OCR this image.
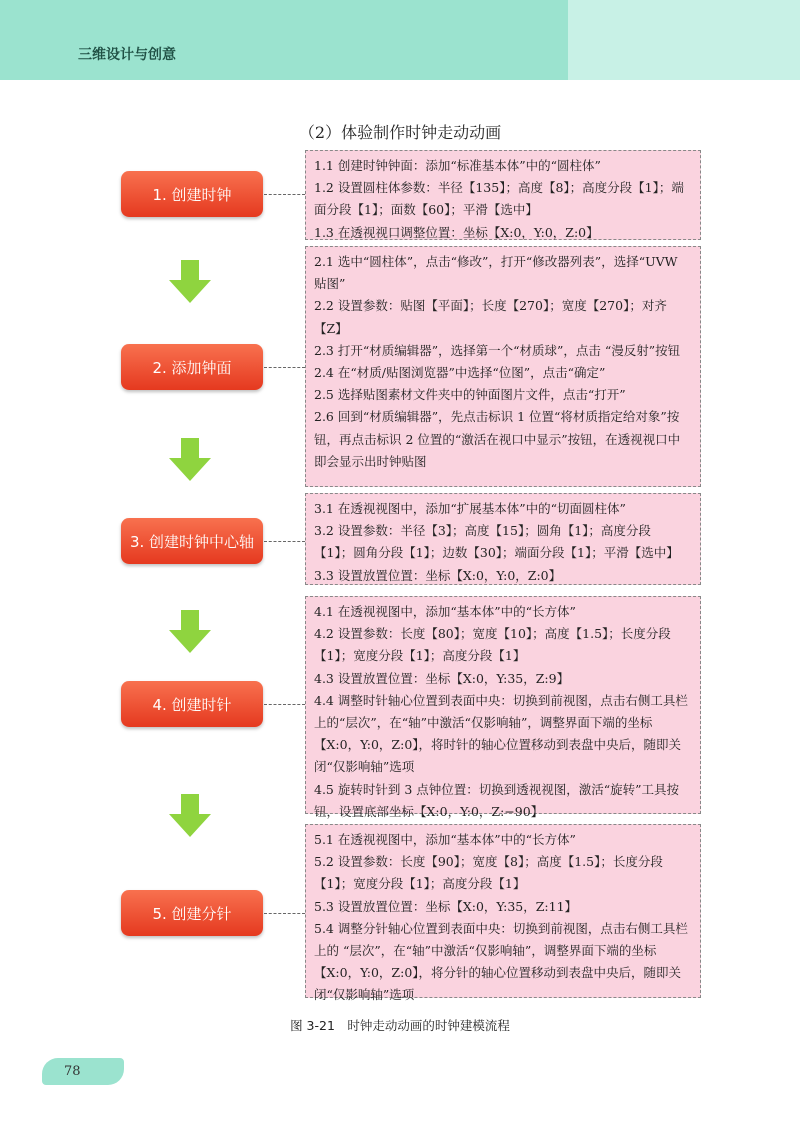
三维设计与创意
（2）体验制作时钟走动动画
1. 创建时钟

1.1 创建时钟钟面：添加“标准基本体”中的“圆柱体”

1.2 设置圆柱体参数：半径【135】；高度【8】；高度分段【1】；端面分段【1】；面数【60】；平滑【选中】

1.3 在透视视口调整位置：坐标【X:0，Y:0，Z:0】

2. 添加钟面

2.1 选中“圆柱体”，点击“修改”，打开“修改器列表”，选择“UVW 贴图”

2.2 设置参数：贴图【平面】；长度【270】；宽度【270】；对齐【Z】

2.3 打开“材质编辑器”，选择第一个“材质球”，点击 “漫反射”按钮

2.4 在“材质/贴图浏览器”中选择“位图”，点击“确定”

2.5 选择贴图素材文件夹中的钟面图片文件，点击“打开”

2.6 回到“材质编辑器”，先点击标识 1 位置“将材质指定给对象”按钮，再点击标识 2 位置的“激活在视口中显示”按钮，在透视视口中即会显示出时钟贴图

3. 创建时钟中心轴

3.1 在透视视图中，添加“扩展基本体”中的“切面圆柱体”

3.2 设置参数：半径【3】；高度【15】；圆角【1】；高度分段 【1】；圆角分段【1】；边数【30】；端面分段【1】；平滑【选中】

3.3 设置放置位置：坐标【X:0，Y:0，Z:0】

4. 创建时针

4.1 在透视视图中，添加“基本体”中的“长方体”

4.2 设置参数：长度【80】；宽度【10】；高度【1.5】；长度分段【1】；宽度分段【1】；高度分段【1】

4.3 设置放置位置：坐标【X:0，Y:35，Z:9】

4.4 调整时针轴心位置到表面中央：切换到前视图，点击右侧工具栏上的“层次”，在“轴”中激活“仅影响轴”，调整界面下端的坐标【X:0，Y:0，Z:0】，将时针的轴心位置移动到表盘中央后，随即关闭“仅影响轴”选项

4.5 旋转时针到 3 点钟位置：切换到透视视图，激活“旋转”工具按钮，设置底部坐标【X:0，Y:0，Z:−90】

5. 创建分针

5.1 在透视视图中，添加“基本体”中的“长方体”

5.2 设置参数：长度【90】；宽度【8】；高度【1.5】；长度分段【1】；宽度分段【1】；高度分段【1】

5.3 设置放置位置：坐标【X:0，Y:35，Z:11】

5.4 调整分针轴心位置到表面中央：切换到前视图，点击右侧工具栏上的 “层次”，在“轴”中激活“仅影响轴”，调整界面下端的坐标【X:0，Y:0，Z:0】，将分针的轴心位置移动到表盘中央后，随即关闭“仅影响轴”选项

图 3-21　时钟走动动画的时钟建模流程
78
